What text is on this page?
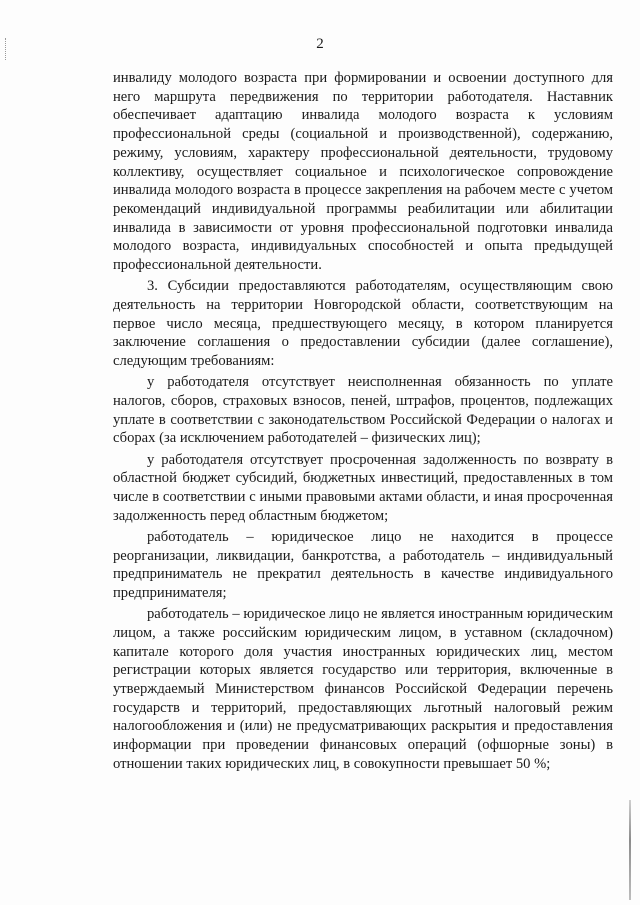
2

инвалиду молодого возраста при формировании и освоении доступного для него маршрута передвижения по территории работодателя. Наставник обеспечивает адаптацию инвалида молодого возраста к условиям профессиональной среды (социальной и производственной), содержанию, режиму, условиям, характеру профессиональной деятельности, трудовому коллективу, осуществляет социальное и психологическое сопровождение инвалида молодого возраста в процессе закрепления на рабочем месте с учетом рекомендаций индивидуальной программы реабилитации или абилитации инвалида в зависимости от уровня профессиональной подготовки инвалида молодого возраста, индивидуальных способностей и опыта предыдущей профессиональной деятельности.

3. Субсидии предоставляются работодателям, осуществляющим свою деятельность на территории Новгородской области, соответствующим на первое число месяца, предшествующего месяцу, в котором планируется заключение соглашения о предоставлении субсидии (далее соглашение), следующим требованиям:

у работодателя отсутствует неисполненная обязанность по уплате налогов, сборов, страховых взносов, пеней, штрафов, процентов, подлежащих уплате в соответствии с законодательством Российской Федерации о налогах и сборах (за исключением работодателей – физических лиц);

у работодателя отсутствует просроченная задолженность по возврату в областной бюджет субсидий, бюджетных инвестиций, предоставленных в том числе в соответствии с иными правовыми актами области, и иная просроченная задолженность перед областным бюджетом;

работодатель – юридическое лицо не находится в процессе реорганизации, ликвидации, банкротства, а работодатель – индивидуальный предприниматель не прекратил деятельность в качестве индивидуального предпринимателя;

работодатель – юридическое лицо не является иностранным юридическим лицом, а также российским юридическим лицом, в уставном (складочном) капитале которого доля участия иностранных юридических лиц, местом регистрации которых является государство или территория, включенные в утверждаемый Министерством финансов Российской Федерации перечень государств и территорий, предоставляющих льготный налоговый режим налогообложения и (или) не предусматривающих раскрытия и предоставления информации при проведении финансовых операций (офшорные зоны) в отношении таких юридических лиц, в совокупности превышает 50 %;
